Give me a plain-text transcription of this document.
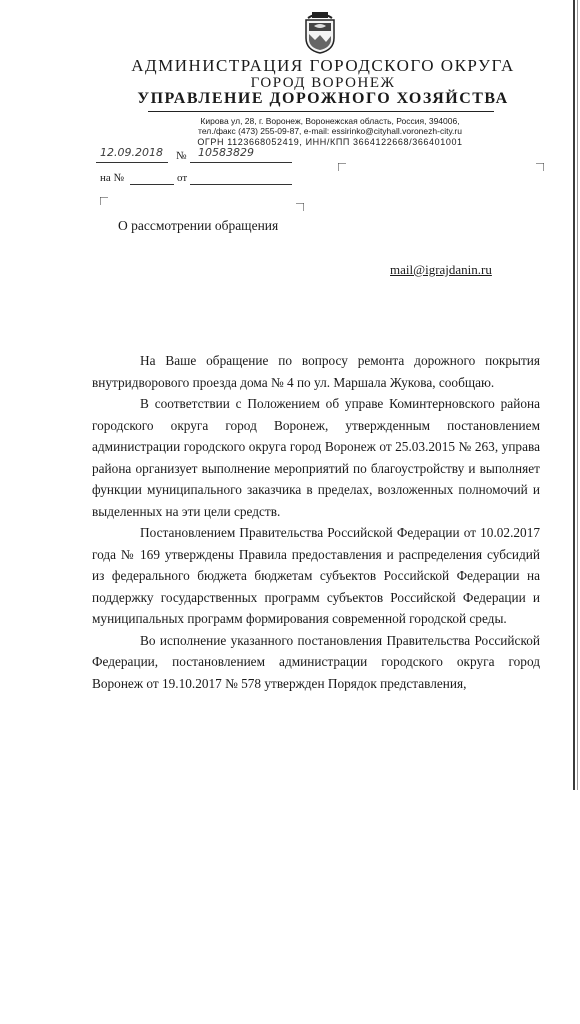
АДМИНИСТРАЦИЯ ГОРОДСКОГО ОКРУГА
ГОРОД ВОРОНЕЖ
УПРАВЛЕНИЕ ДОРОЖНОГО ХОЗЯЙСТВА
Кирова ул, 28, г. Воронеж, Воронежская область, Россия, 394006,
тел./факс (473) 255-09-87, e-mail: essirinko@cityhall.voronezh-city.ru
ОГРН 1123668052419, ИНН/КПП 3664122668/366401001
12.09.2018 № 10583829
на №	от
О рассмотрении обращения
mail@igrajdanin.ru

На Ваше обращение по вопросу ремонта дорожного покрытия внутридворового проезда дома № 4 по ул. Маршала Жукова, сообщаю.

В соответствии с Положением об управе Коминтерновского района городского округа город Воронеж, утвержденным постановлением администрации городского округа город Воронеж от 25.03.2015 № 263, управа района организует выполнение мероприятий по благоустройству и выполняет функции муниципального заказчика в пределах, возложенных полномочий и выделенных на эти цели средств.

Постановлением Правительства Российской Федерации от 10.02.2017 года № 169 утверждены Правила предоставления и распределения субсидий из федерального бюджета бюджетам субъектов Российской Федерации на поддержку государственных программ субъектов Российской Федерации и муниципальных программ формирования современной городской среды.

Во исполнение указанного постановления Правительства Российской Федерации, постановлением администрации городского округа город Воронеж от 19.10.2017 № 578 утвержден Порядок представления,
